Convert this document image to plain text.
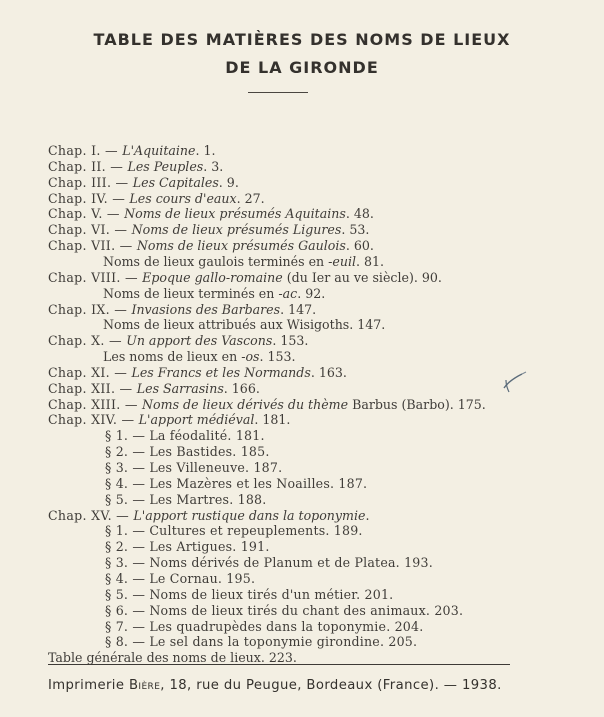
TABLE DES MATIÈRES DES NOMS DE LIEUX
DE LA GIRONDE
Chap. I. — L'Aquitaine. 1.
Chap. II. — Les Peuples. 3.
Chap. III. — Les Capitales. 9.
Chap. IV. — Les cours d'eaux. 27.
Chap. V. — Noms de lieux présumés Aquitains. 48.
Chap. VI. — Noms de lieux présumés Ligures. 53.
Chap. VII. — Noms de lieux présumés Gaulois. 60.
Noms de lieux gaulois terminés en -euil. 81.
Chap. VIII. — Epoque gallo-romaine (du Ier au ve siècle). 90.
Noms de lieux terminés en -ac. 92.
Chap. IX. — Invasions des Barbares. 147.
Noms de lieux attribués aux Wisigoths. 147.
Chap. X. — Un apport des Vascons. 153.
Les noms de lieux en -os. 153.
Chap. XI. — Les Francs et les Normands. 163.
Chap. XII. — Les Sarrasins. 166.
Chap. XIII. — Noms de lieux dérivés du thème Barbus (Barbo). 175.
Chap. XIV. — L'apport médiéval. 181.
§ 1. — La féodalité. 181.
§ 2. — Les Bastides. 185.
§ 3. — Les Villeneuve. 187.
§ 4. — Les Mazères et les Noailles. 187.
§ 5. — Les Martres. 188.
Chap. XV. — L'apport rustique dans la toponymie.
§ 1. — Cultures et repeuplements. 189.
§ 2. — Les Artigues. 191.
§ 3. — Noms dérivés de Planum et de Platea. 193.
§ 4. — Le Cornau. 195.
§ 5. — Noms de lieux tirés d'un métier. 201.
§ 6. — Noms de lieux tirés du chant des animaux. 203.
§ 7. — Les quadrupèdes dans la toponymie. 204.
§ 8. — Le sel dans la toponymie girondine. 205.
Table générale des noms de lieux. 223.
Imprimerie Bière, 18, rue du Peugue, Bordeaux (France). — 1938.
